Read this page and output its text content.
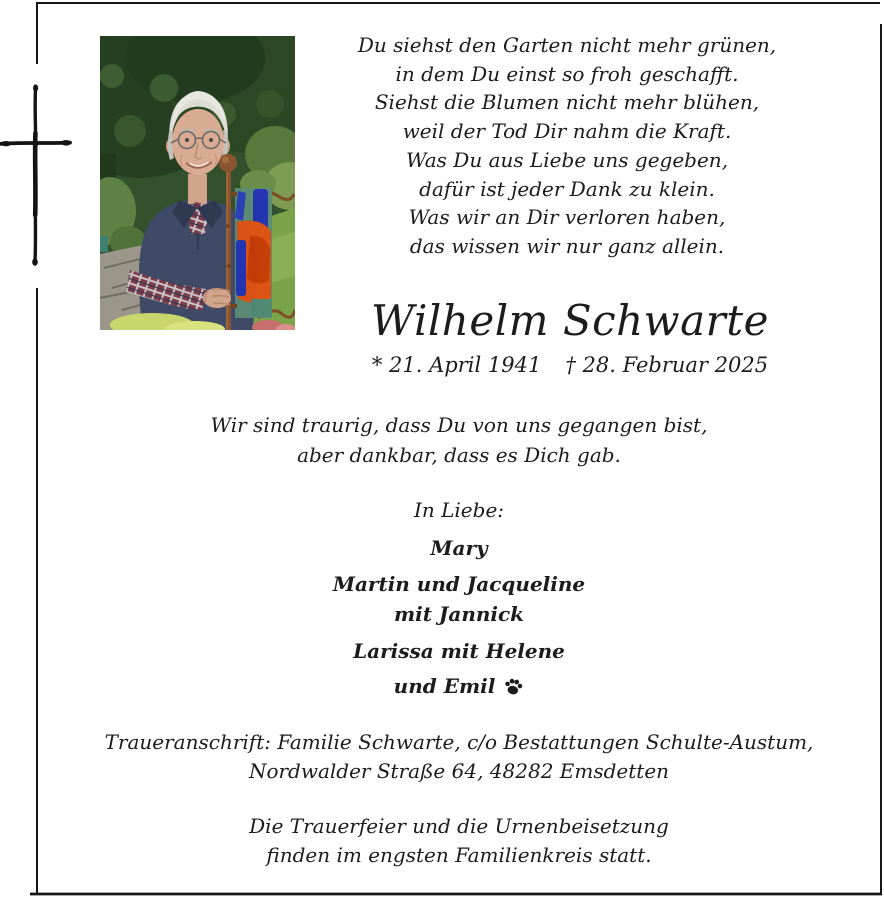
Du siehst den Garten nicht mehr grünen,
in dem Du einst so froh geschafft.
Siehst die Blumen nicht mehr blühen,
weil der Tod Dir nahm die Kraft.
Was Du aus Liebe uns gegeben,
dafür ist jeder Dank zu klein.
Was wir an Dir verloren haben,
das wissen wir nur ganz allein.
Wilhelm Schwarte
* 21. April 1941 † 28. Februar 2025
Wir sind traurig, dass Du von uns gegangen bist,
aber dankbar, dass es Dich gab.
In Liebe:
Mary
Martin und Jacqueline
mit Jannick
Larissa mit Helene
und Emil
Traueranschrift: Familie Schwarte, c/o Bestattungen Schulte-Austum,
Nordwalder Straße 64, 48282 Emsdetten
Die Trauerfeier und die Urnenbeisetzung
finden im engsten Familienkreis statt.
